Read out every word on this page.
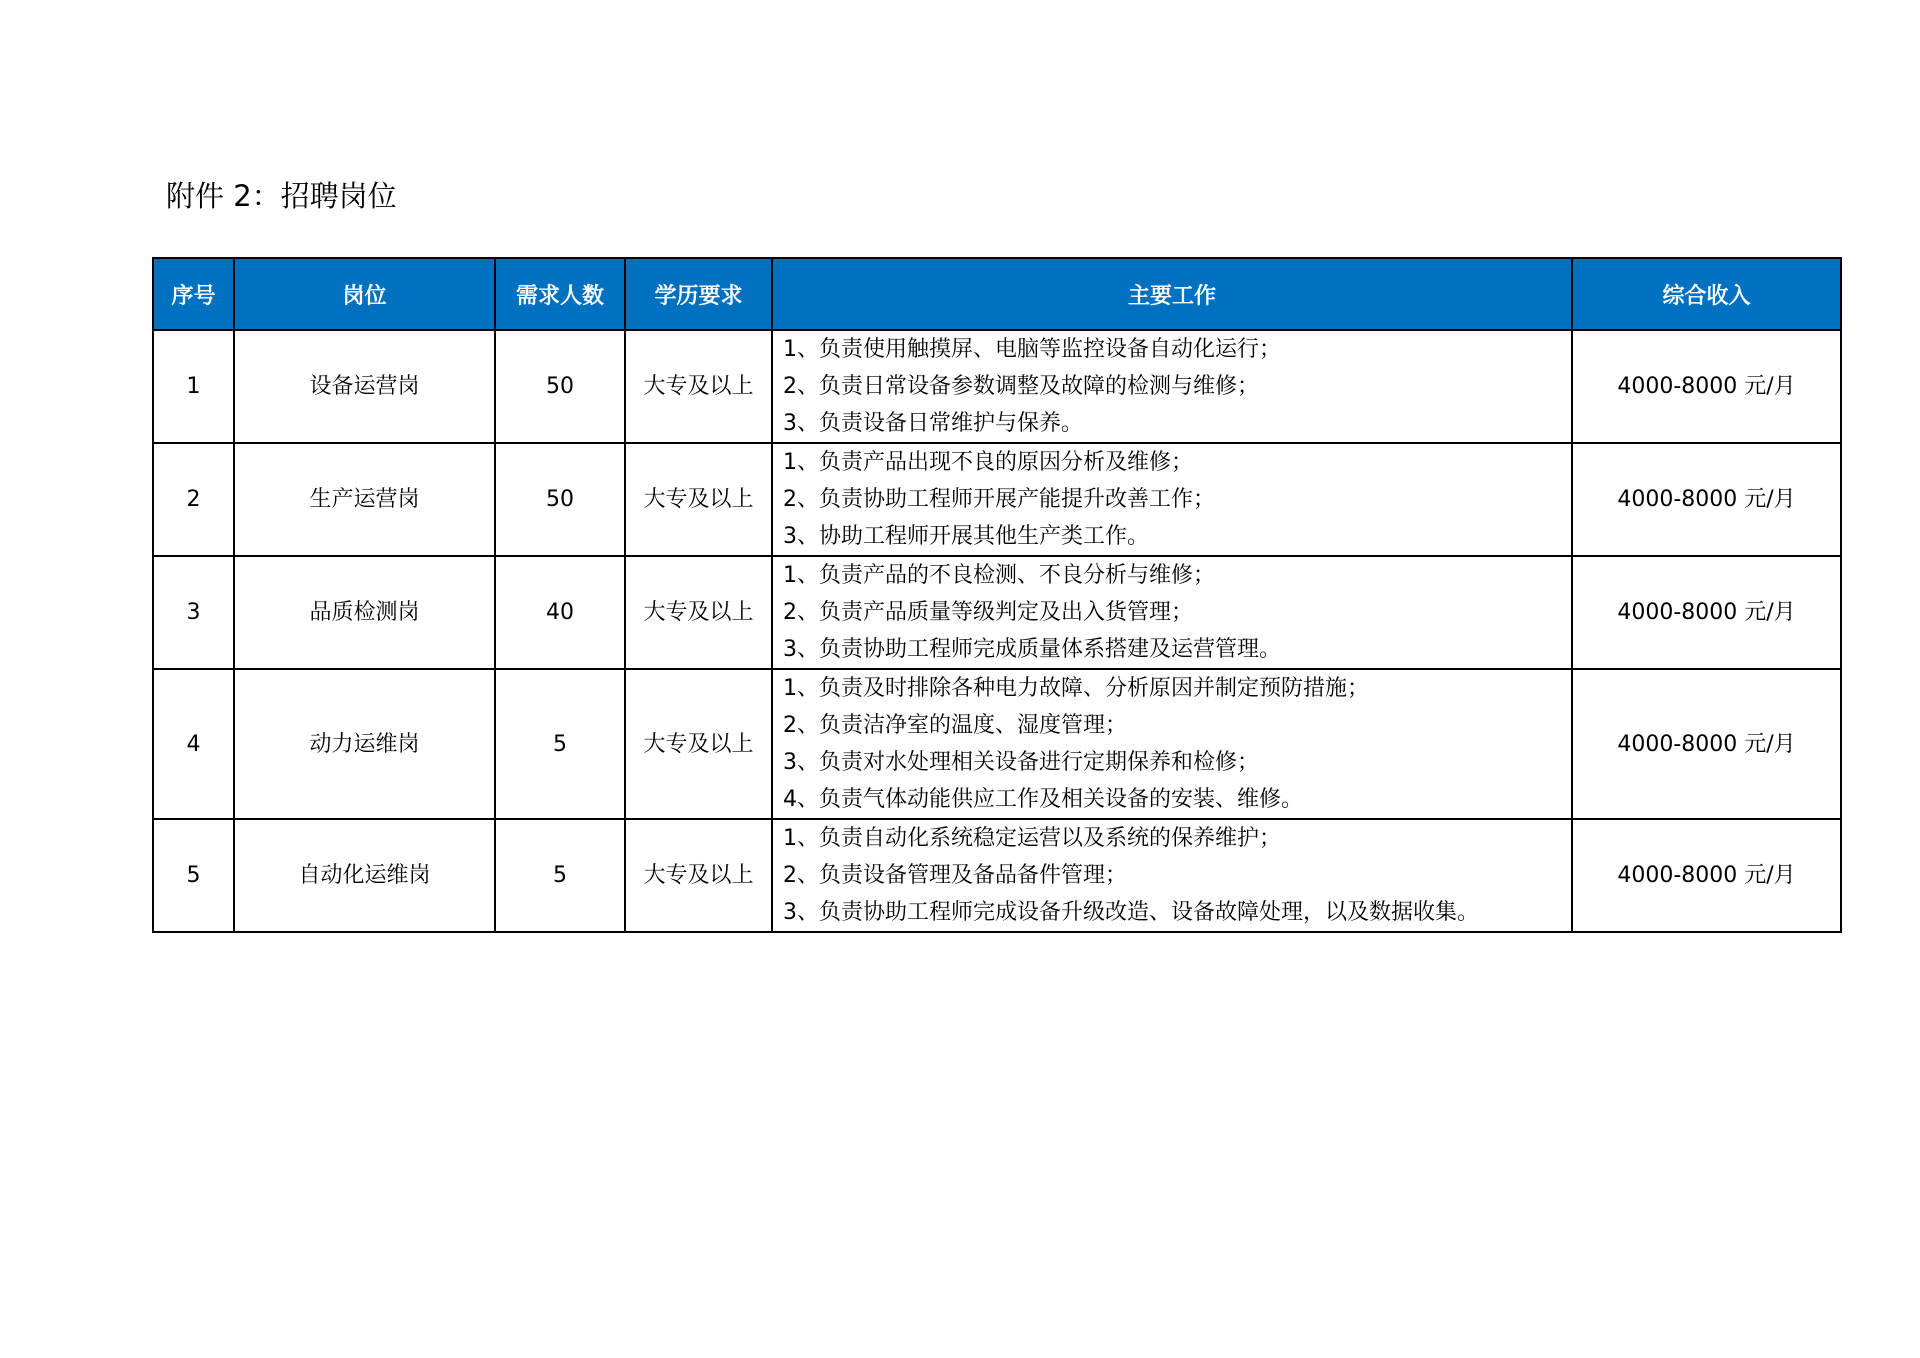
附件 2：招聘岗位
序号	岗位	需求人数	学历要求	主要工作	综合收入
1	设备运营岗	50	大专及以上	1、负责使用触摸屏、电脑等监控设备自动化运行；
2、负责日常设备参数调整及故障的检测与维修；
3、负责设备日常维护与保养。	4000-8000 元/月
2	生产运营岗	50	大专及以上	1、负责产品出现不良的原因分析及维修；
2、负责协助工程师开展产能提升改善工作；
3、协助工程师开展其他生产类工作。	4000-8000 元/月
3	品质检测岗	40	大专及以上	1、负责产品的不良检测、不良分析与维修；
2、负责产品质量等级判定及出入货管理；
3、负责协助工程师完成质量体系搭建及运营管理。	4000-8000 元/月
4	动力运维岗	5	大专及以上	1、负责及时排除各种电力故障、分析原因并制定预防措施；
2、负责洁净室的温度、湿度管理；
3、负责对水处理相关设备进行定期保养和检修；
4、负责气体动能供应工作及相关设备的安装、维修。	4000-8000 元/月
5	自动化运维岗	5	大专及以上	1、负责自动化系统稳定运营以及系统的保养维护；
2、负责设备管理及备品备件管理；
3、负责协助工程师完成设备升级改造、设备故障处理，以及数据收集。	4000-8000 元/月
